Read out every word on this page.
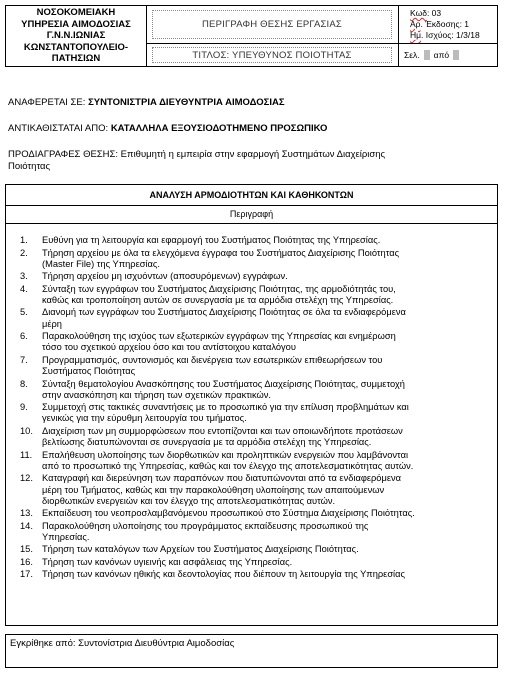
ΝΟΣΟΚΟΜΕΙΑΚΗ
ΥΠΗΡΕΣΙΑ ΑΙΜΟΔΟΣΙΑΣ
Γ.Ν.Ν.ΙΩΝΙΑΣ
ΚΩΝΣΤΑΝΤΟΠΟΥΛΕΙΟ-
ΠΑΤΗΣΙΩΝ
ΠΕΡΙΓΡΑΦΗ ΘΕΣΗΣ ΕΡΓΑΣΙΑΣ
ΤΙΤΛΟΣ: ΥΠΕΥΘΥΝΟΣ ΠΟΙΟΤΗΤΑΣ
Κωδ: 03
Αρ. Έκδοσης: 1
Ημ. Ισχύος: 1/3/18
Σελ. από
ΑΝΑΦΕΡΕΤΑΙ ΣΕ: ΣΥΝΤΟΝΙΣΤΡΙΑ ΔΙΕΥΘΥΝΤΡΙΑ ΑΙΜΟΔΟΣΙΑΣ
ΑΝΤΙΚΑΘΙΣΤΑΤΑΙ ΑΠΟ: ΚΑΤΑΛΛΗΛΑ ΕΞΟΥΣΙΟΔΟΤΗΜΕΝΟ ΠΡΟΣΩΠΙΚΟ
ΠΡΟΔΙΑΓΡΑΦΕΣ ΘΕΣΗΣ: Επιθυμητή η εμπειρία στην εφαρμογή Συστημάτων Διαχείρισης
Ποιότητας
ΑΝΑΛΥΣΗ ΑΡΜΟΔΙΟΤΗΤΩΝ ΚΑΙ ΚΑΘΗΚΟΝΤΩΝ
Περιγραφή
1.	Ευθύνη για τη λειτουργία και εφαρμογή του Συστήματος Ποιότητας της Υπηρεσίας.
2.	Τήρηση αρχείου με όλα τα ελεγχόμενα έγγραφα του Συστήματος Διαχείρισης Ποιότητας
(Master File) της Υπηρεσίας.
3.	Τήρηση αρχείου μη ισχυόντων (αποσυρόμενων) εγγράφων.
4.	Σύνταξη των εγγράφων του Συστήματος Διαχείρισης Ποιότητας, της αρμοδιότητάς του,
καθώς και τροποποίηση αυτών σε συνεργασία με τα αρμόδια στελέχη της Υπηρεσίας.
5.	Διανομή των εγγράφων του Συστήματος Διαχείρισης Ποιότητας σε όλα τα ενδιαφερόμενα
μέρη
6.	Παρακολούθηση της ισχύος των εξωτερικών εγγράφων της Υπηρεσίας και ενημέρωση
τόσο του σχετικού αρχείου όσο και του αντίστοιχου καταλόγου
7.	Προγραμματισμός, συντονισμός και διενέργεια των εσωτερικών επιθεωρήσεων του
Συστήματος Ποιότητας
8.	Σύνταξη θεματολογίου Ανασκόπησης του Συστήματος Διαχείρισης Ποιότητας, συμμετοχή
στην ανασκόπηση και τήρηση των σχετικών πρακτικών.
9.	Συμμετοχή στις τακτικές συναντήσεις με το προσωπικό για την επίλυση προβλημάτων και
γενικώς για την εύρυθμη λειτουργία του τμήματος.
10. Διαχείριση των μη συμμορφώσεων που εντοπίζονται και των οποιωνδήποτε προτάσεων
βελτίωσης διατυπώνονται σε συνεργασία με τα αρμόδια στελέχη της Υπηρεσίας.
11.	Επαλήθευση υλοποίησης των διορθωτικών και προληπτικών ενεργειών που λαμβάνονται
από το προσωπικό της Υπηρεσίας, καθώς και τον έλεγχο της αποτελεσματικότητας αυτών.
12. Καταγραφή και διερεύνηση των παραπόνων που διατυπώνονται από τα ενδιαφερόμενα
μέρη του Τμήματος, καθώς και την παρακολούθηση υλοποίησης των απαιτούμενων
διορθωτικών ενεργειών και τον έλεγχο της αποτελεσματικότητας αυτών.
13. Εκπαίδευση του νεοπροσλαμβανόμενου προσωπικού στο Σύστημα Διαχείρισης Ποιότητας.
14. Παρακολούθηση υλοποίησης του προγράμματος εκπαίδευσης προσωπικού της
Υπηρεσίας.
15. Τήρηση των καταλόγων των Αρχείων του Συστήματος Διαχείρισης Ποιότητας.
16. Τήρηση των κανόνων υγιεινής και ασφάλειας της Υπηρεσίας.
17. Τήρηση των κανόνων ηθικής και δεοντολογίας που διέπουν τη λειτουργία της Υπηρεσίας
Εγκρίθηκε από: Συντονίστρια Διευθύντρια Αιμοδοσίας
